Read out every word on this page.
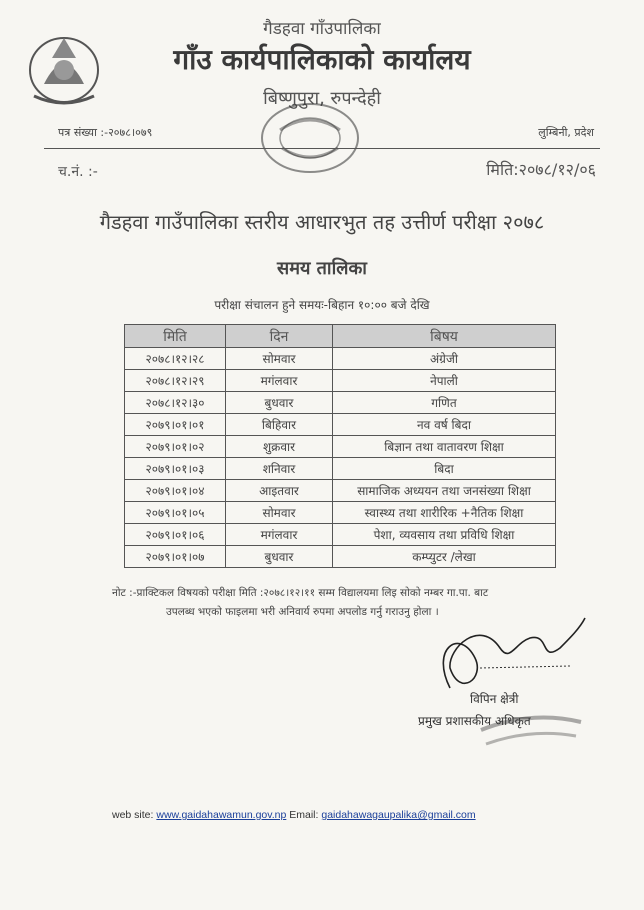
गैडहवा गाँउपालिका
गाँउ कार्यपालिकाको कार्यालय
बिष्णुपुरा, रुपन्देही
पत्र संख्या :-२०७८।०७९	लुम्बिनी, प्रदेश
च.नं. :-	मिति:२०७८/१२/०६
गैडहवा गाउँपालिका स्तरीय आधारभुत तह उत्तीर्ण परीक्षा २०७८
समय तालिका
परीक्षा संचालन हुने समयः-बिहान १०:०० बजे देखि
मिति	दिन	बिषय
२०७८।१२।२८	सोमवार	अंग्रेजी
२०७८।१२।२९	मगंलवार	नेपाली
२०७८।१२।३०	बुधवार	गणित
२०७९।०१।०१	बिहिवार	नव वर्ष बिदा
२०७९।०१।०२	शुक्रवार	बिज्ञान तथा वातावरण शिक्षा
२०७९।०१।०३	शनिवार	बिदा
२०७९।०१।०४	आइतवार	सामाजिक अध्ययन तथा जनसंख्या शिक्षा
२०७९।०१।०५	सोमवार	स्वास्थ्य तथा शारीरिक +नैतिक शिक्षा
२०७९।०१।०६	मगंलवार	पेशा, व्यवसाय तथा प्रविधि शिक्षा
२०७९।०१।०७	बुधवार	कम्प्युटर /लेखा
नोट :-प्राक्टिकल विषयको परीक्षा मिति :२०७८।१२।११ सम्म विद्यालयमा लिइ सोको नम्बर गा.पा. बाट
उपलब्ध भएको फाइलमा भरी अनिवार्य रुपमा अपलोड गर्नु गराउनु होला ।
विपिन क्षेत्री
प्रमुख प्रशासकीय अधिकृत
web site: www.gaidahawamun.gov.np Email: gaidahawagaupalika@gmail.com
